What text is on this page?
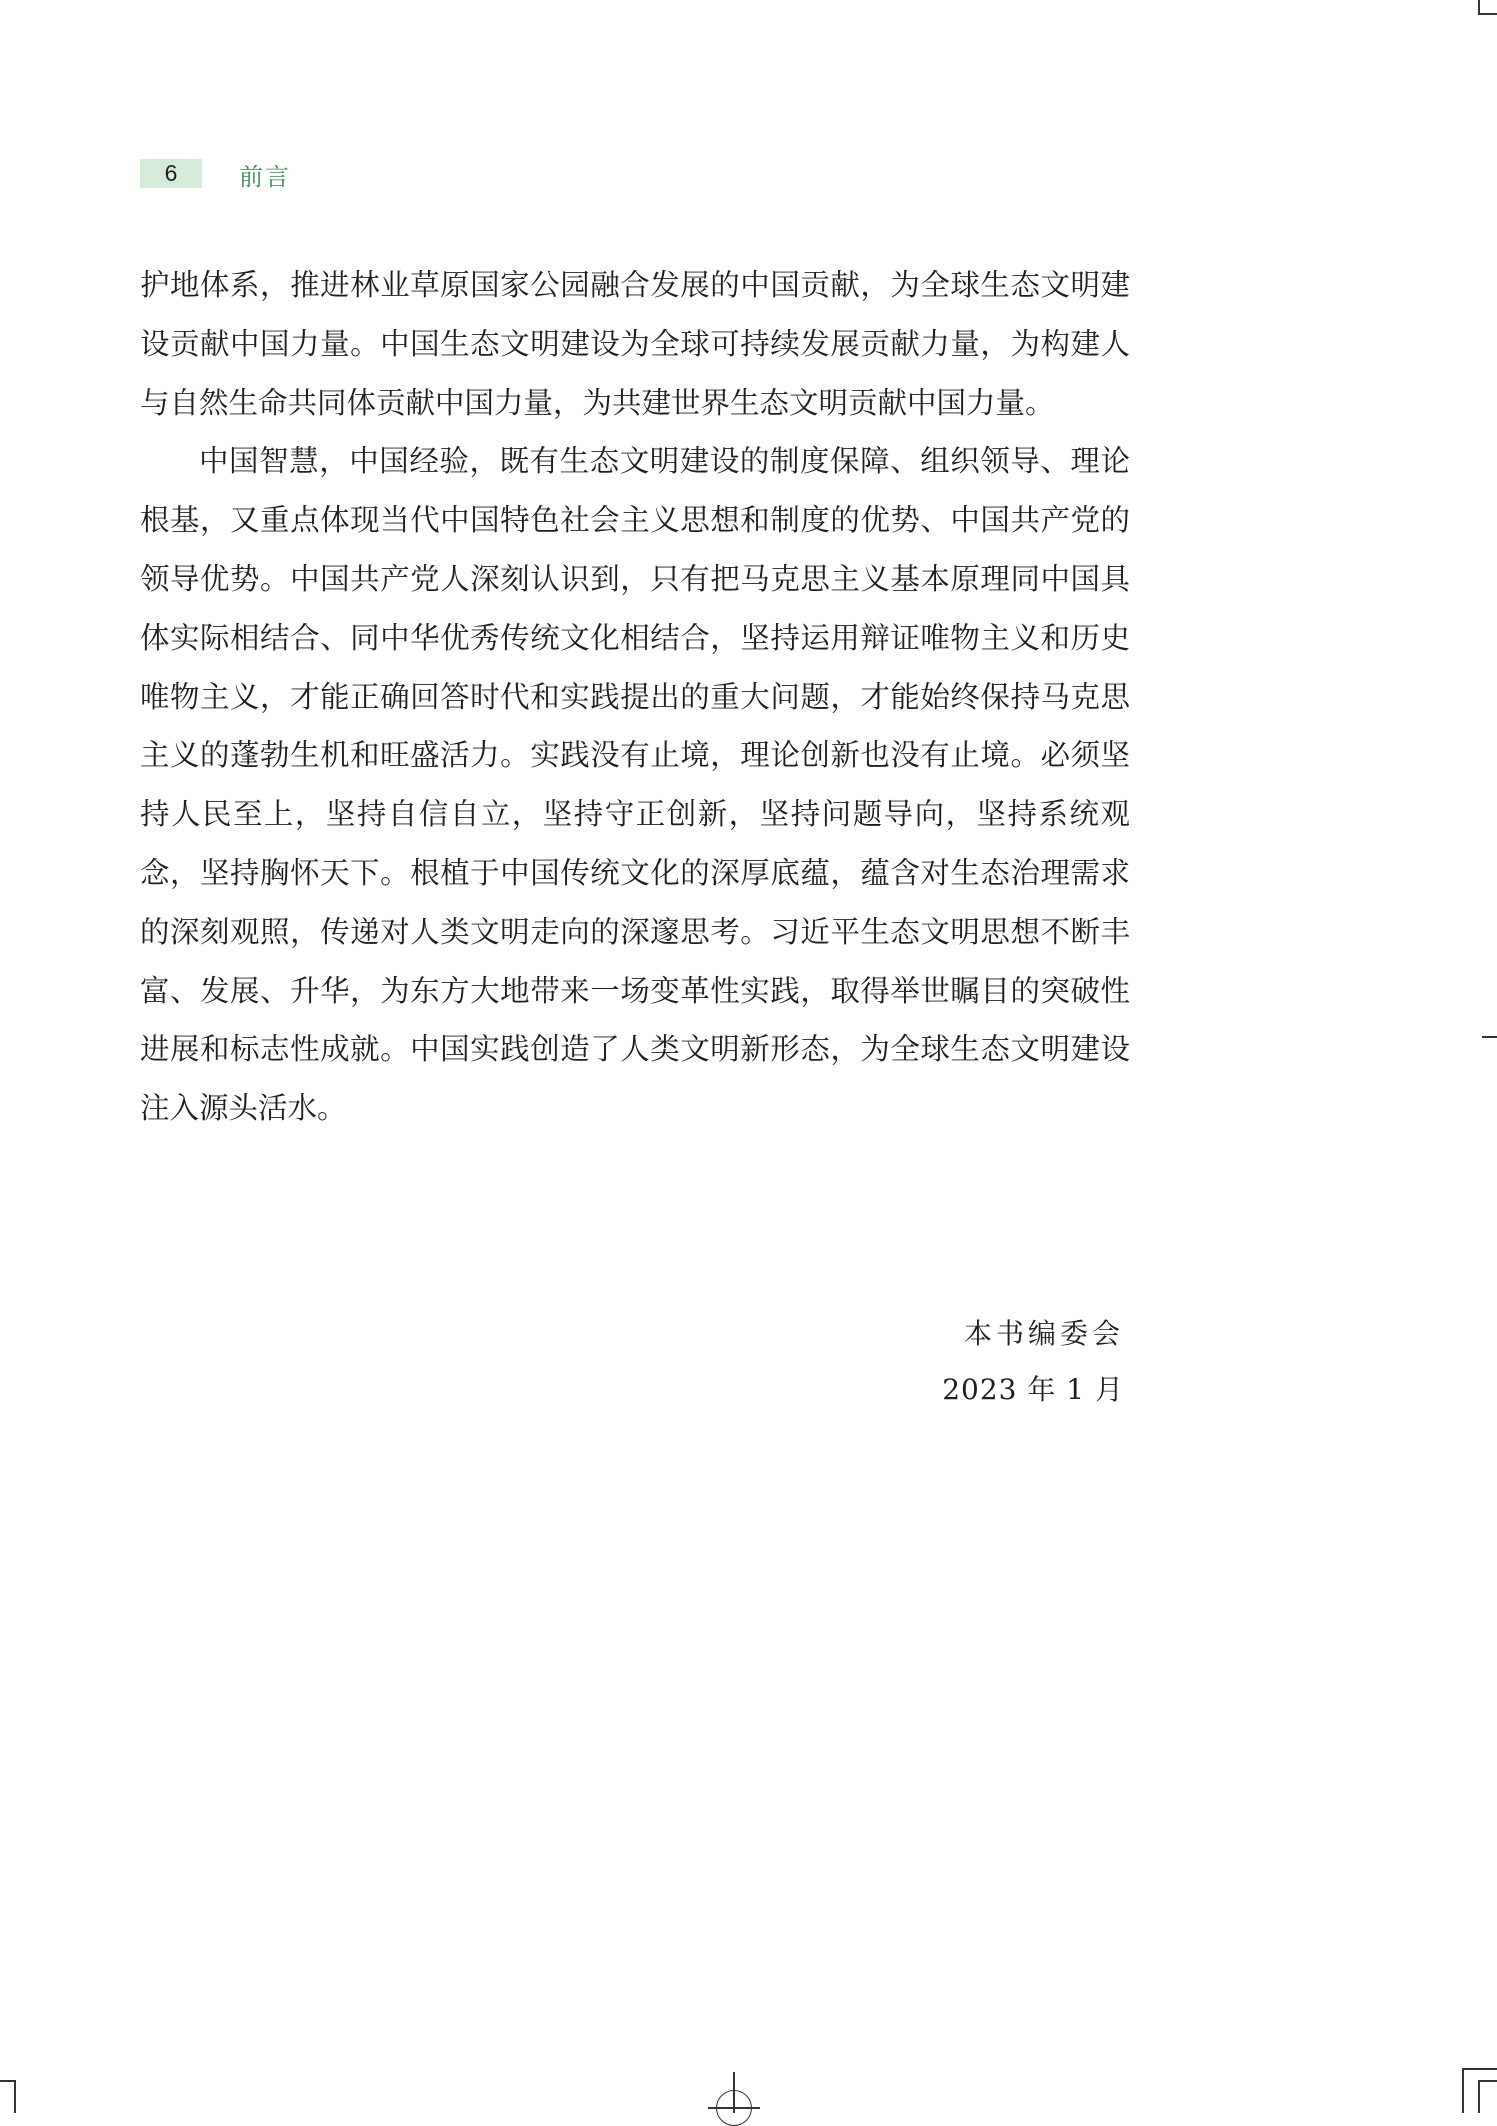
6	前言

护地体系，推进林业草原国家公园融合发展的中国贡献，为全球生态文明建设贡献中国力量。中国生态文明建设为全球可持续发展贡献力量，为构建人与自然生命共同体贡献中国力量，为共建世界生态文明贡献中国力量。

中国智慧，中国经验，既有生态文明建设的制度保障、组织领导、理论根基，又重点体现当代中国特色社会主义思想和制度的优势、中国共产党的领导优势。中国共产党人深刻认识到，只有把马克思主义基本原理同中国具体实际相结合、同中华优秀传统文化相结合，坚持运用辩证唯物主义和历史唯物主义，才能正确回答时代和实践提出的重大问题，才能始终保持马克思主义的蓬勃生机和旺盛活力。实践没有止境，理论创新也没有止境。必须坚持人民至上，坚持自信自立，坚持守正创新，坚持问题导向，坚持系统观念，坚持胸怀天下。根植于中国传统文化的深厚底蕴，蕴含对生态治理需求的深刻观照，传递对人类文明走向的深邃思考。习近平生态文明思想不断丰富、发展、升华，为东方大地带来一场变革性实践，取得举世瞩目的突破性进展和标志性成就。中国实践创造了人类文明新形态，为全球生态文明建设注入源头活水。

本书编委会
2023 年 1 月
